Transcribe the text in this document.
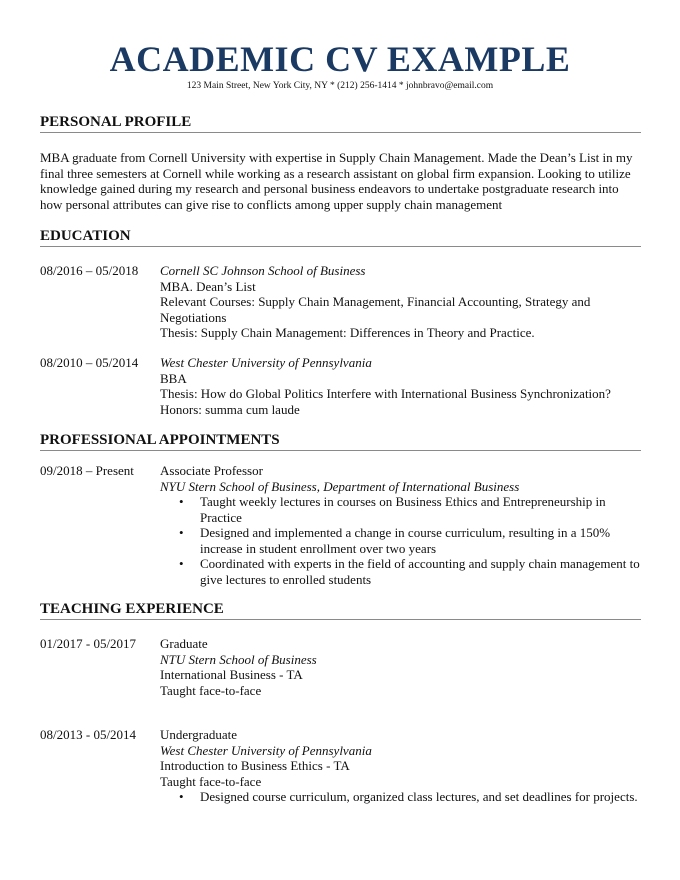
ACADEMIC CV EXAMPLE
123 Main Street, New York City, NY * (212) 256-1414 * johnbravo@email.com
PERSONAL PROFILE
MBA graduate from Cornell University with expertise in Supply Chain Management. Made the Dean’s List in my final three semesters at Cornell while working as a research assistant on global firm expansion. Looking to utilize knowledge gained during my research and personal business endeavors to undertake postgraduate research into how personal attributes can give rise to conflicts among upper supply chain management
EDUCATION
08/2016 – 05/2018 Cornell SC Johnson School of Business
MBA. Dean’s List
Relevant Courses: Supply Chain Management, Financial Accounting, Strategy and Negotiations
Thesis: Supply Chain Management: Differences in Theory and Practice.
08/2010 – 05/2014 West Chester University of Pennsylvania
BBA
Thesis: How do Global Politics Interfere with International Business Synchronization?
Honors: summa cum laude
PROFESSIONAL APPOINTMENTS
09/2018 – Present Associate Professor
NYU Stern School of Business, Department of International Business
• Taught weekly lectures in courses on Business Ethics and Entrepreneurship in Practice
• Designed and implemented a change in course curriculum, resulting in a 150% increase in student enrollment over two years
• Coordinated with experts in the field of accounting and supply chain management to give lectures to enrolled students
TEACHING EXPERIENCE
01/2017 - 05/2017 Graduate
NTU Stern School of Business
International Business - TA
Taught face-to-face
08/2013 - 05/2014 Undergraduate
West Chester University of Pennsylvania
Introduction to Business Ethics - TA
Taught face-to-face
• Designed course curriculum, organized class lectures, and set deadlines for projects.
